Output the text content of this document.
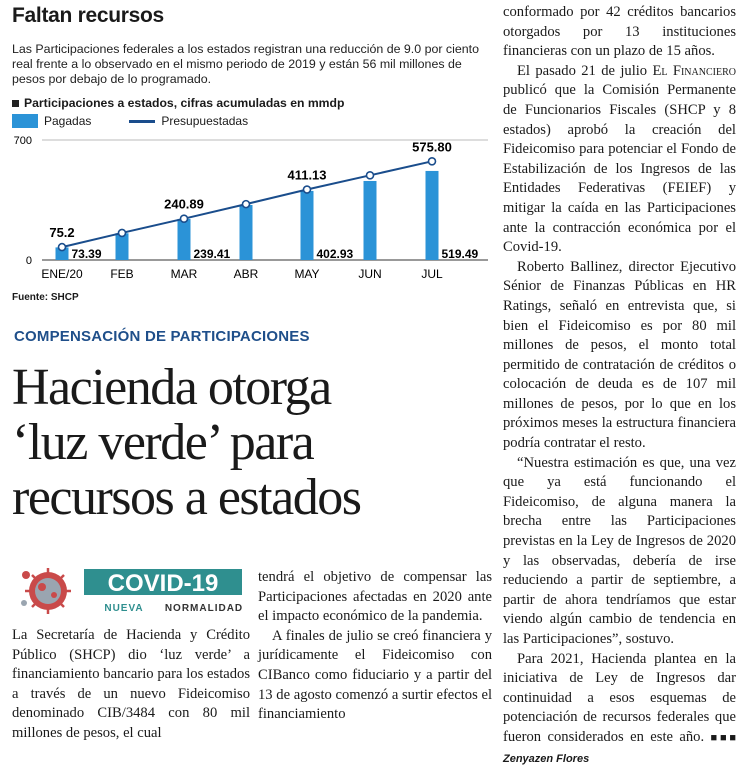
Faltan recursos
Las Participaciones federales a los estados registran una reducción de 9.0 por ciento real frente a lo observado en el mismo periodo de 2019 y están 56 mil millones de pesos por debajo de lo programado.
Participaciones a estados, cifras acumuladas en mmdp
Pagadas	Presupuestadas
700
0
ENE/20 FEB	MAR	ABR	MAY	JUN	JUL
75.2
240.89
411.13
575.80
73.39	239.41	402.93	519.49
Fuente: SHCP
COMPENSACIÓN DE PARTICIPACIONES
Hacienda otorga
‘luz verde’ para
recursos a estados
COVID-19
NUEVA NORMALIDAD

La Secretaría de Hacienda y Crédito Público (SHCP) dio ‘luz verde’ a financiamiento bancario para los estados a través de un nuevo Fideicomiso denominado CIB/3484 con 80 mil millones de pesos, el cual

tendrá el objetivo de compensar las Participaciones afectadas en 2020 ante el impacto económico de la pandemia.

A finales de julio se creó financiera y jurídicamente el Fideicomiso con CIBanco como fiduciario y a partir del 13 de agosto comenzó a surtir efectos el financiamiento

conformado por 42 créditos bancarios otorgados por 13 instituciones financieras con un plazo de 15 años.

El pasado 21 de julio El Financiero publicó que la Comisión Permanente de Funcionarios Fiscales (SHCP y 8 estados) aprobó la creación del Fideicomiso para potenciar el Fondo de Estabilización de los Ingresos de las Entidades Federativas (FEIEF) y mitigar la caída en las Participaciones ante la contracción económica por el Covid-19.

Roberto Ballinez, director Ejecutivo Sénior de Finanzas Públicas en HR Ratings, señaló en entrevista que, si bien el Fideicomiso es por 80 mil millones de pesos, el monto total permitido de contratación de créditos o colocación de deuda es de 107 mil millones de pesos, por lo que en los próximos meses la estructura financiera podría contratar el resto.

“Nuestra estimación es que, una vez que ya está funcionando el Fideicomiso, de alguna manera la brecha entre las Participaciones previstas en la Ley de Ingresos de 2020 y las observadas, debería de irse reduciendo a partir de septiembre, a partir de ahora tendríamos que estar viendo algún cambio de tendencia en las Participaciones”, sostuvo.

Para 2021, Hacienda plantea en la iniciativa de Ley de Ingresos dar continuidad a esos esquemas de potenciación de recursos federales que fueron considerados en este año. ■■■ Zenyazen Flores
